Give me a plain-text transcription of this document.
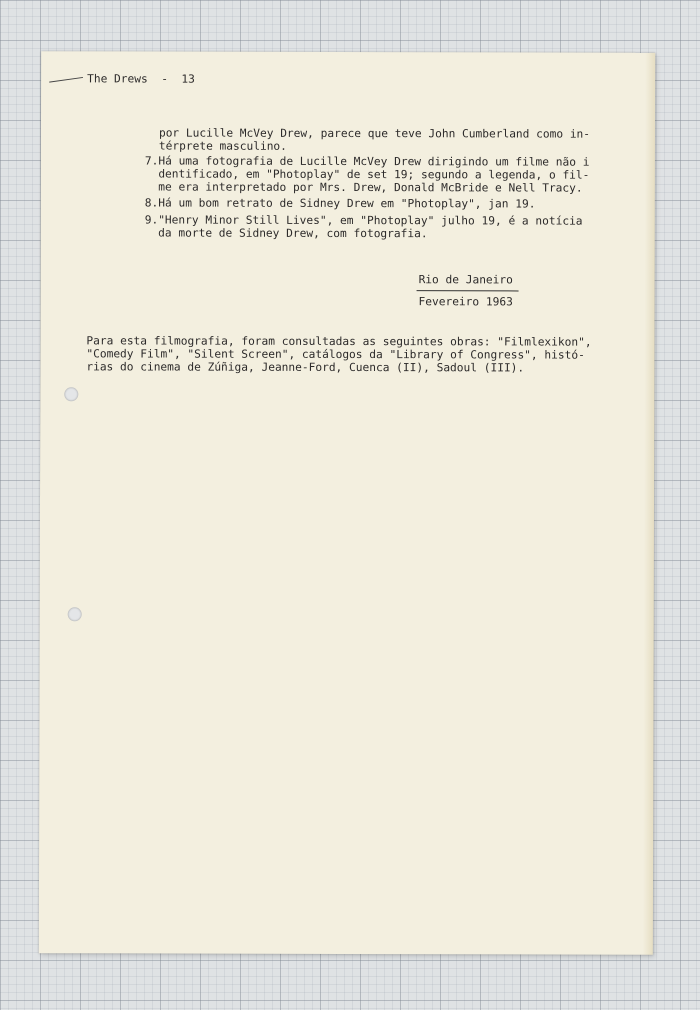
The Drews  -  13
por Lucille McVey Drew, parece que teve John Cumberland como in-
térprete masculino.
7.Há uma fotografia de Lucille McVey Drew dirigindo um filme não i
dentificado, em "Photoplay" de set 19; segundo a legenda, o fil-
me era interpretado por Mrs. Drew, Donald McBride e Nell Tracy.
8.Há um bom retrato de Sidney Drew em "Photoplay", jan 19.
9."Henry Minor Still Lives", em "Photoplay" julho 19, é a notícia
da morte de Sidney Drew, com fotografia.
Rio de Janeiro
Fevereiro 1963
Para esta filmografia, foram consultadas as seguintes obras: "Filmlexikon",
"Comedy Film", "Silent Screen", catálogos da "Library of Congress", histó-
rias do cinema de Zúñiga, Jeanne-Ford, Cuenca (II), Sadoul (III).
